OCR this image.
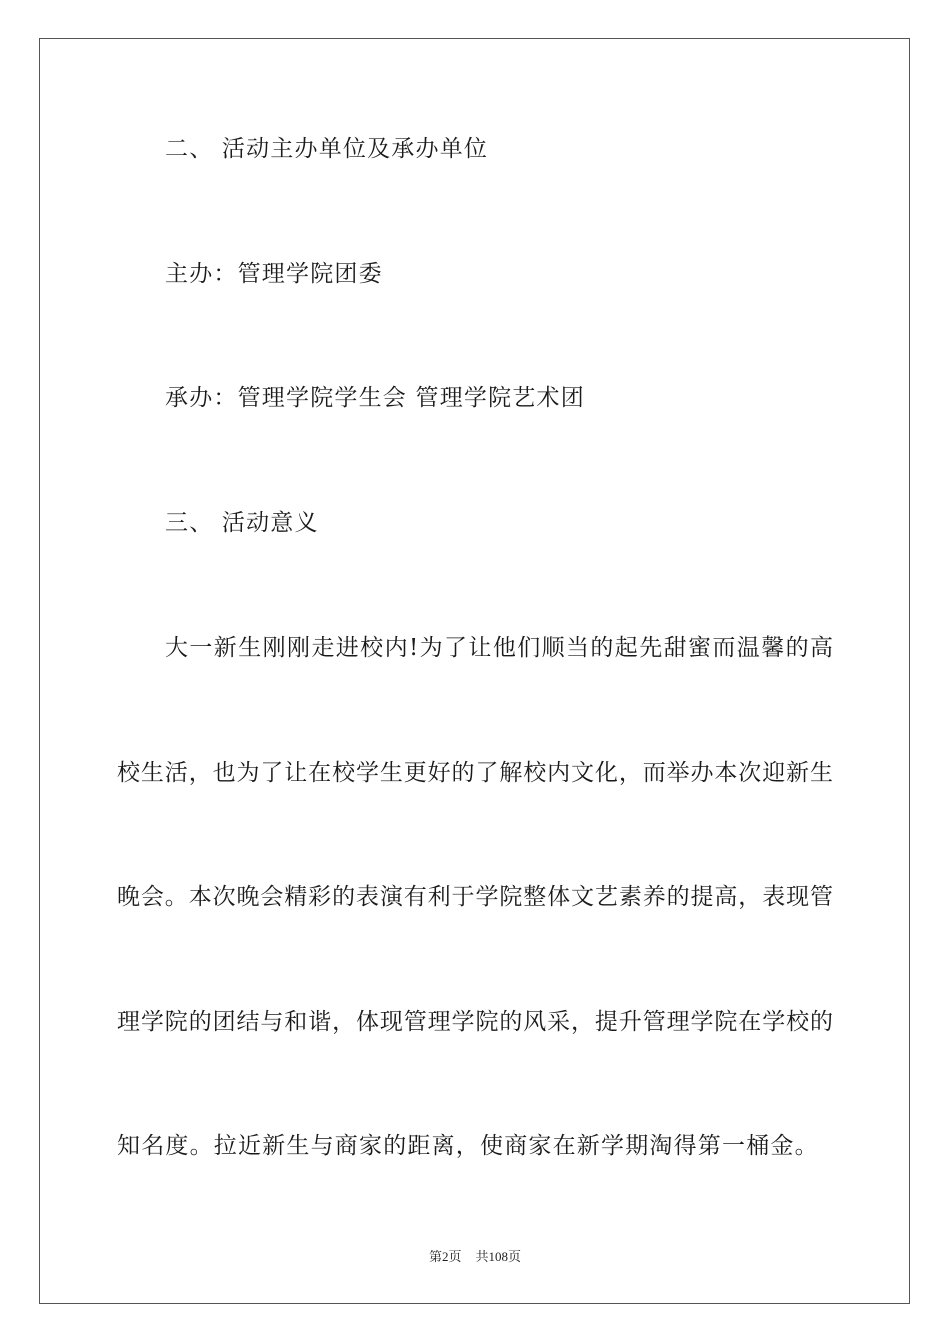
二、 活动主办单位及承办单位
主办：管理学院团委
承办：管理学院学生会 管理学院艺术团
三、 活动意义
大一新生刚刚走进校内!为了让他们顺当的起先甜蜜而温馨的高
校生活，也为了让在校学生更好的了解校内文化，而举办本次迎新生
晚会。本次晚会精彩的表演有利于学院整体文艺素养的提高，表现管
理学院的团结与和谐，体现管理学院的风采，提升管理学院在学校的
知名度。拉近新生与商家的距离，使商家在新学期淘得第一桶金。
第2页 共108页
